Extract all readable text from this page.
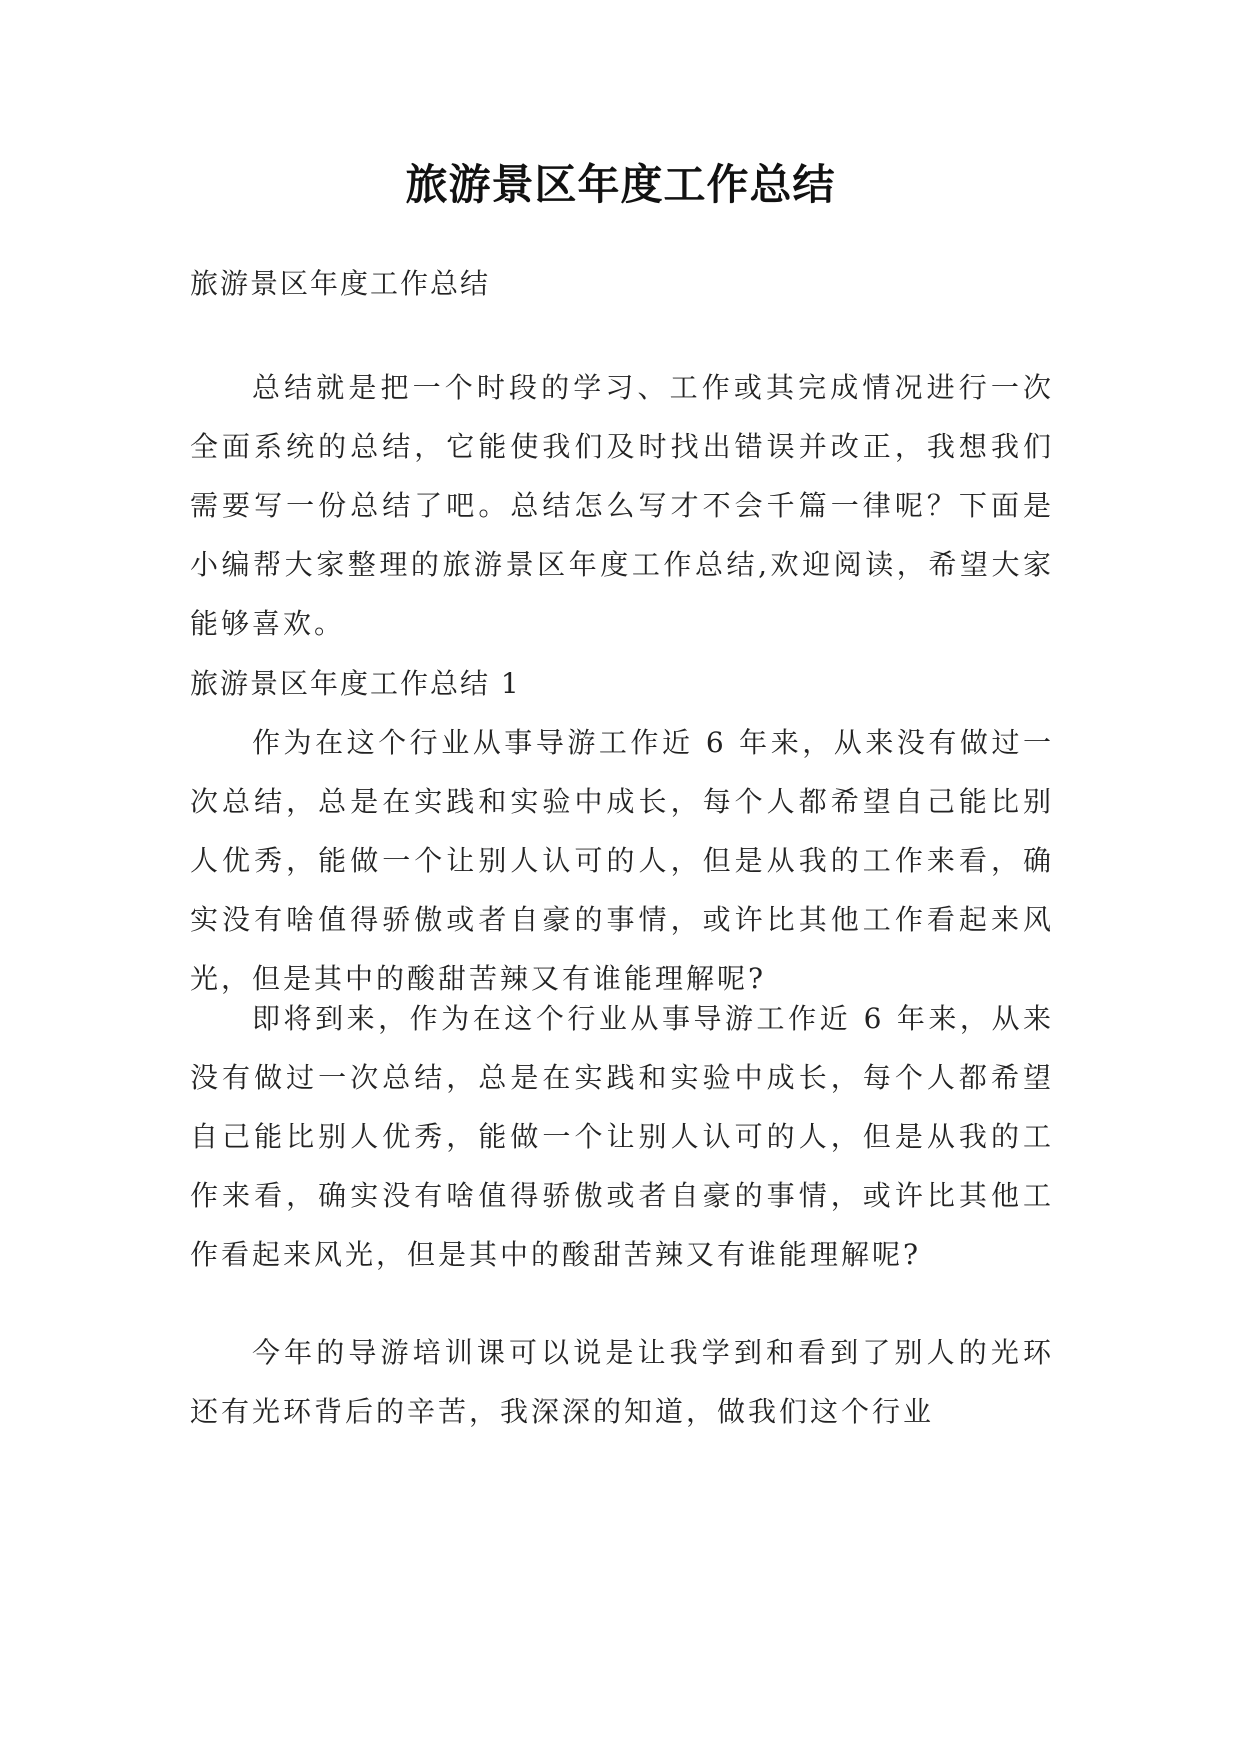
旅游景区年度工作总结
旅游景区年度工作总结
总结就是把一个时段的学习、工作或其完成情况进行一次全面系统的总结，它能使我们及时找出错误并改正，我想我们需要写一份总结了吧。总结怎么写才不会千篇一律呢？下面是小编帮大家整理的旅游景区年度工作总结,欢迎阅读，希望大家能够喜欢。
旅游景区年度工作总结 1
作为在这个行业从事导游工作近 6 年来，从来没有做过一次总结，总是在实践和实验中成长，每个人都希望自己能比别人优秀，能做一个让别人认可的人，但是从我的工作来看，确实没有啥值得骄傲或者自豪的事情，或许比其他工作看起来风光，但是其中的酸甜苦辣又有谁能理解呢?
即将到来，作为在这个行业从事导游工作近 6 年来，从来没有做过一次总结，总是在实践和实验中成长，每个人都希望自己能比别人优秀，能做一个让别人认可的人，但是从我的工作来看，确实没有啥值得骄傲或者自豪的事情，或许比其他工作看起来风光，但是其中的酸甜苦辣又有谁能理解呢?
今年的导游培训课可以说是让我学到和看到了别人的光环还有光环背后的辛苦，我深深的知道，做我们这个行业
